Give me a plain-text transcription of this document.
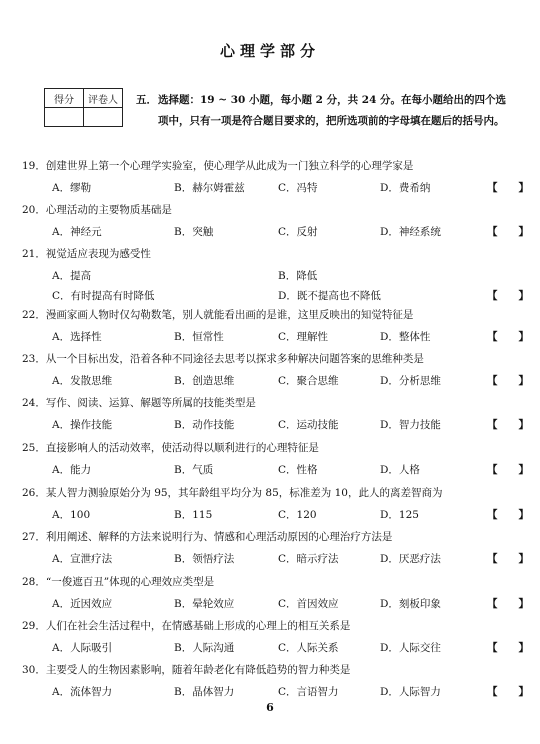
心理学部分
得分	评卷人
	五． 选择题：19 ~ 30 小题，每小题 2 分，共 24 分。在每小题给出的四个选项中，只有一项是符合题目要求的，把所选项前的字母填在题后的括号内。
19．创建世界上第一个心理学实验室，使心理学从此成为一门独立科学的心理学家是
A．缪勒	B．赫尔姆霍兹	C．冯特	D．费希纳	【　　】
20．心理活动的主要物质基础是
A．神经元	B．突触	C．反射	D．神经系统	【　　】
21．视觉适应表现为感受性
A．提高	B．降低
C．有时提高有时降低	D．既不提高也不降低	【　　】
22．漫画家画人物时仅勾勒数笔，别人就能看出画的是谁，这里反映出的知觉特征是
A．选择性	B．恒常性	C．理解性	D．整体性	【　　】
23．从一个目标出发，沿着各种不同途径去思考以探求多种解决问题答案的思维种类是
A．发散思维	B．创造思维	C．聚合思维	D．分析思维	【　　】
24．写作、阅读、运算、解题等所属的技能类型是
A．操作技能	B．动作技能	C．运动技能	D．智力技能	【　　】
25．直接影响人的活动效率，使活动得以顺利进行的心理特征是
A．能力	B．气质	C．性格	D．人格	【　　】
26．某人智力测验原始分为 95，其年龄组平均分为 85，标准差为 10，此人的离差智商为
A．100	B．115	C．120	D．125	【　　】
27．利用阐述、解释的方法来说明行为、情感和心理活动原因的心理治疗方法是
A．宣泄疗法	B．领悟疗法	C．暗示疗法	D．厌恶疗法	【　　】
28．“一俊遮百丑”体现的心理效应类型是
A．近因效应	B．晕轮效应	C．首因效应	D．刻板印象	【　　】
29．人们在社会生活过程中，在情感基础上形成的心理上的相互关系是
A．人际吸引	B．人际沟通	C．人际关系	D．人际交往	【　　】
30．主要受人的生物因素影响，随着年龄老化有降低趋势的智力种类是
A．流体智力	B．晶体智力	C．言语智力	D．人际智力	【　　】
6
